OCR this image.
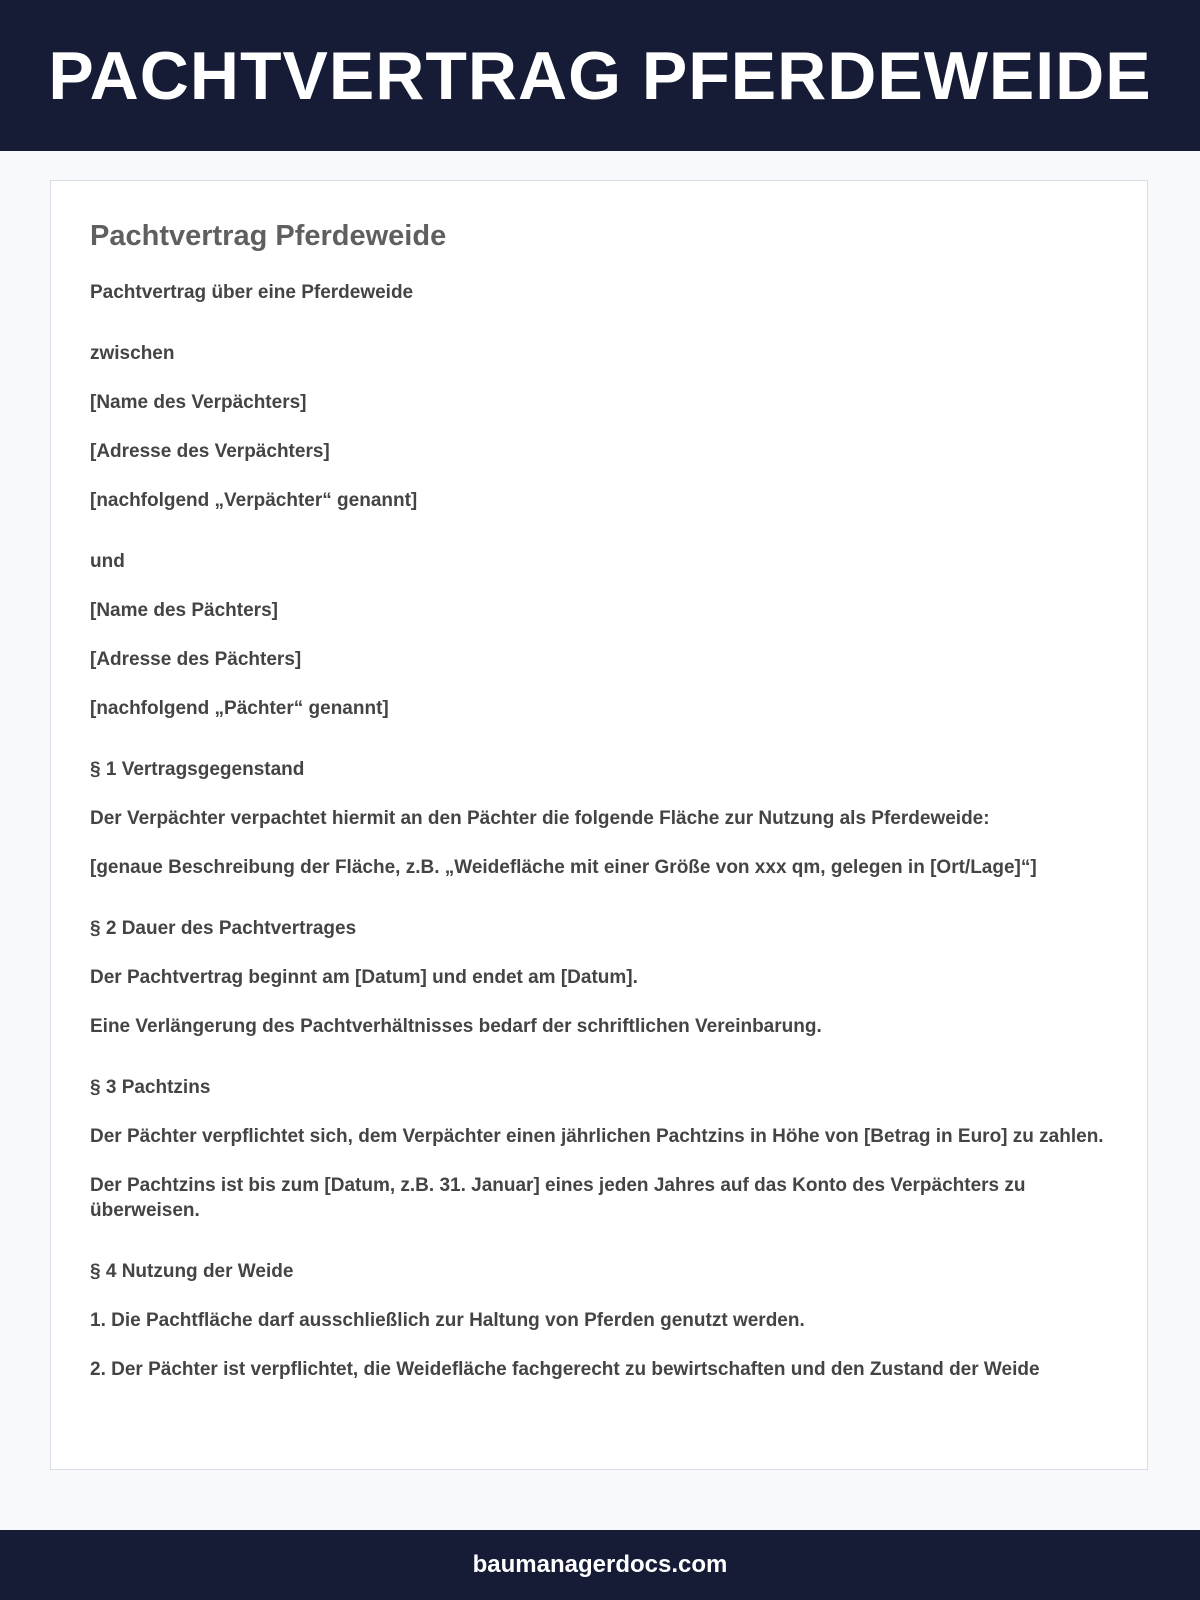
PACHTVERTRAG PFERDEWEIDE
Pachtvertrag Pferdeweide

Pachtvertrag über eine Pferdeweide

zwischen

[Name des Verpächters]

[Adresse des Verpächters]

[nachfolgend „Verpächter“ genannt]

und

[Name des Pächters]

[Adresse des Pächters]

[nachfolgend „Pächter“ genannt]

§ 1 Vertragsgegenstand

Der Verpächter verpachtet hiermit an den Pächter die folgende Fläche zur Nutzung als Pferdeweide:

[genaue Beschreibung der Fläche, z.B. „Weidefläche mit einer Größe von xxx qm, gelegen in [Ort/Lage]“]

§ 2 Dauer des Pachtvertrages

Der Pachtvertrag beginnt am [Datum] und endet am [Datum].

Eine Verlängerung des Pachtverhältnisses bedarf der schriftlichen Vereinbarung.

§ 3 Pachtzins

Der Pächter verpflichtet sich, dem Verpächter einen jährlichen Pachtzins in Höhe von [Betrag in Euro] zu zahlen.

Der Pachtzins ist bis zum [Datum, z.B. 31. Januar] eines jeden Jahres auf das Konto des Verpächters zu überweisen.

§ 4 Nutzung der Weide

1. Die Pachtfläche darf ausschließlich zur Haltung von Pferden genutzt werden.

2. Der Pächter ist verpflichtet, die Weidefläche fachgerecht zu bewirtschaften und den Zustand der Weide

baumanagerdocs.com
